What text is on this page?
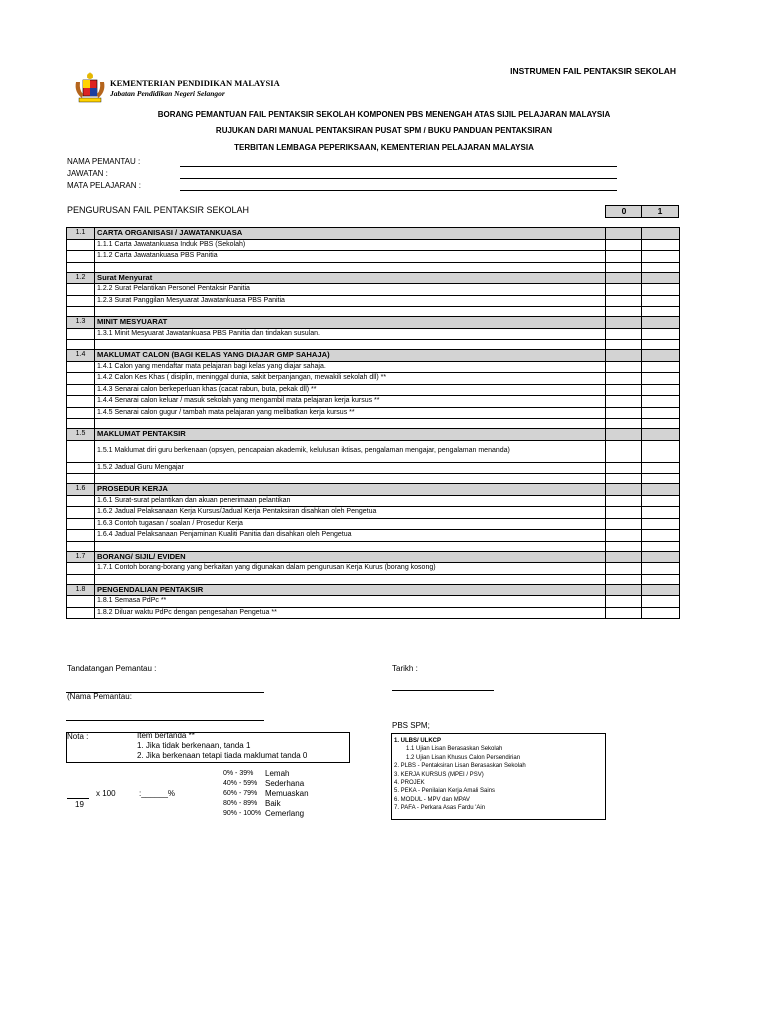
INSTRUMEN FAIL PENTAKSIR SEKOLAH
KEMENTERIAN PENDIDIKAN MALAYSIA
Jabatan Pendidikan Negeri Selangor
BORANG PEMANTUAN FAIL PENTAKSIR SEKOLAH KOMPONEN PBS MENENGAH ATAS SIJIL PELAJARAN MALAYSIA
RUJUKAN DARI MANUAL PENTAKSIRAN PUSAT SPM / BUKU PANDUAN PENTAKSIRAN
TERBITAN LEMBAGA PEPERIKSAAN, KEMENTERIAN PELAJARAN MALAYSIA
NAMA PEMANTAU :
JAWATAN :
MATA PELAJARAN :
PENGURUSAN FAIL PENTAKSIR SEKOLAH	0	1
1.1	CARTA ORGANISASI / JAWATANKUASA		
	1.1.1 Carta Jawatankuasa Induk PBS (Sekolah)		
	1.1.2 Carta Jawatankuasa PBS Panitia		

1.2	Surat Menyurat		
	1.2.2 Surat Pelantikan Personel Pentaksir Panitia		
	1.2.3 Surat Panggilan Mesyuarat Jawatankuasa PBS Panitia		

1.3	MINIT MESYUARAT		
	1.3.1 Minit Mesyuarat Jawatankuasa PBS Panitia dan tindakan susulan.		

1.4	MAKLUMAT CALON (BAGI KELAS YANG DIAJAR GMP SAHAJA)		
	1.4.1 Calon yang mendaftar mata pelajaran bagi kelas yang diajar sahaja.		
	1.4.2 Calon Kes Khas ( disiplin, meninggal dunia, sakit berpanjangan, mewakili sekolah dll) **		
	1.4.3 Senarai calon berkeperluan khas (cacat rabun, buta, pekak dll) **		
	1.4.4 Senarai calon keluar / masuk sekolah yang mengambil mata pelajaran kerja kursus **		
	1.4.5 Senarai calon gugur / tambah mata pelajaran yang melibatkan kerja kursus **		

1.5	MAKLUMAT PENTAKSIR		
	1.5.1 Maklumat diri guru berkenaan (opsyen, pencapaian akademik, kelulusan iktisas, pengalaman mengajar, pengalaman menanda)		
	1.5.2 Jadual Guru Mengajar		

1.6	PROSEDUR KERJA		
	1.6.1 Surat-surat pelantikan dan akuan penerimaan pelantikan		
	1.6.2 Jadual Pelaksanaan Kerja Kursus/Jadual Kerja Pentaksiran disahkan oleh Pengetua		
	1.6.3 Contoh tugasan / soalan / Prosedur Kerja		
	1.6.4 Jadual Pelaksanaan Penjaminan Kualiti Panitia dan disahkan oleh Pengetua		

1.7	BORANG/ SIJIL/ EVIDEN		
	1.7.1 Contoh borang-borang yang berkaitan yang digunakan dalam pengurusan Kerja Kurus (borang kosong)		

1.8	PENGENDALIAN PENTAKSIR		
	1.8.1 Semasa PdPc **		
	1.8.2 Diluar waktu PdPc dengan pengesahan Pengetua **		
Tandatangan Pemantau :	Tarikh :
(Nama Pemantau:
PBS SPM;
Nota :	Item bertanda **
1. Jika tidak berkenaan, tanda 1
2. Jika berkenaan tetapi tiada maklumat tanda 0
x 100	:______%
19
0% - 39% Lemah
40% - 59% Sederhana
60% - 79% Memuaskan
80% - 89% Baik
90% - 100% Cemerlang
1. ULBS/ ULKCP
1.1 Ujian Lisan Berasaskan Sekolah
1.2 Ujian Lisan Khusus Calon Persendirian
2. PLBS - Pentaksiran Lisan Berasaskan Sekolah
3. KERJA KURSUS (MPEI / PSV)
4. PROJEK
5. PEKA - Penilaian Kerja Amali Sains
6. MODUL - MPV dan MPAV
7. PAFA - Perkara Asas Fardu 'Ain
